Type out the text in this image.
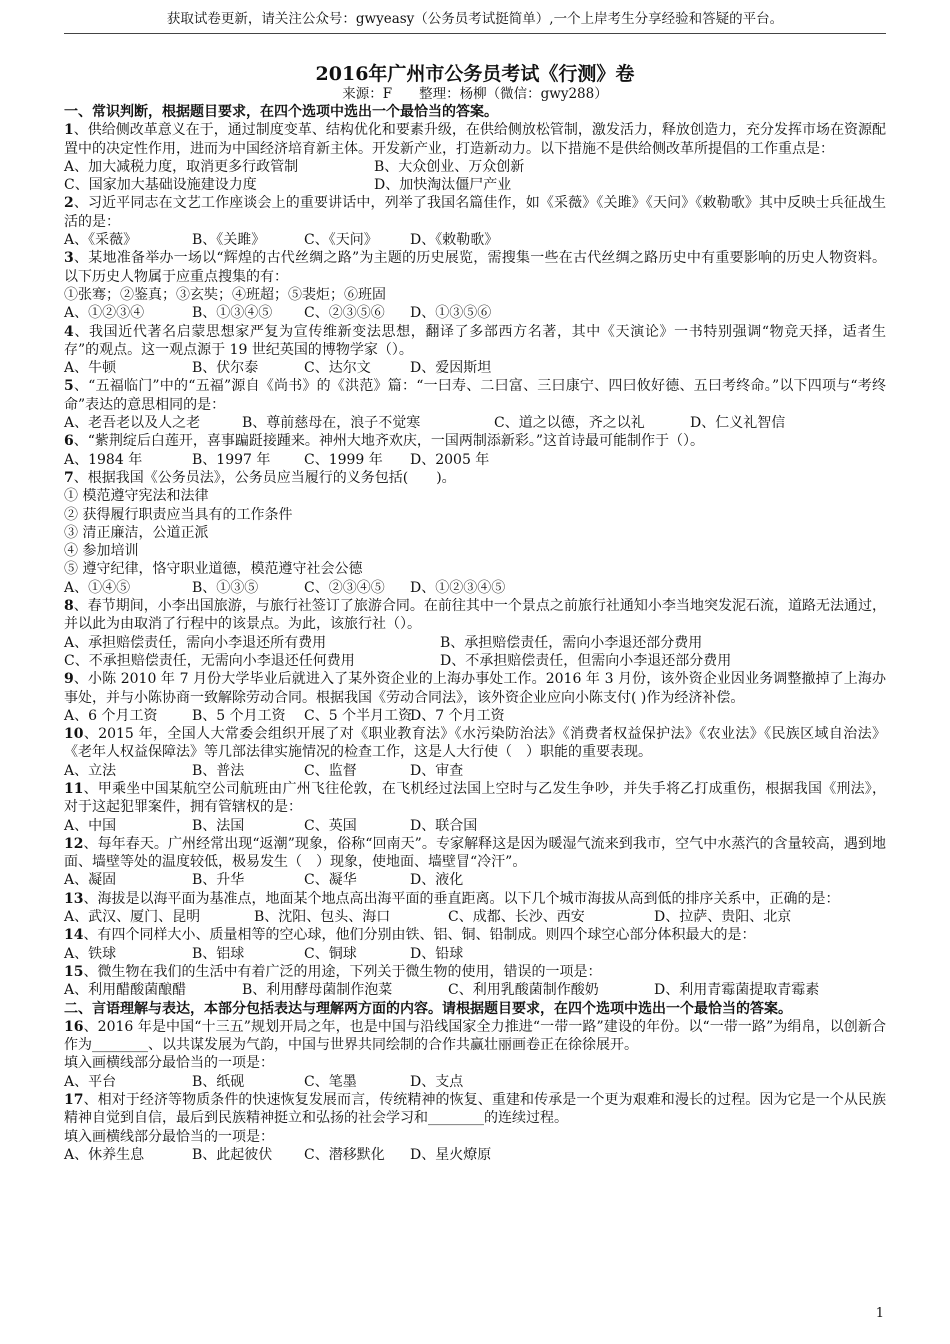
获取试卷更新，请关注公众号：gwyeasy（公务员考试挺简单）,一个上岸考生分享经验和答疑的平台。
2016年广州市公务员考试《行测》卷
来源：F　　整理：杨柳（微信：gwy288）
一、常识判断，根据题目要求，在四个选项中选出一个最恰当的答案。
1、供给侧改革意义在于，通过制度变革、结构优化和要素升级，在供给侧放松管制，激发活力，释放创造力，充分发挥市场在资源配置中的决定性作用，进而为中国经济培育新主体。开发新产业，打造新动力。以下措施不是供给侧改革所提倡的工作重点是：
A、加大减税力度，取消更多行政管制	B、大众创业、万众创新
C、国家加大基础设施建设力度	D、加快淘汰僵尸产业
2、习近平同志在文艺工作座谈会上的重要讲话中，列举了我国名篇佳作，如《采薇》《关雎》《天问》《敕勒歌》其中反映士兵征战生活的是：
A、《采薇》	B、《关雎》	C、《天问》	D、《敕勒歌》
3、某地准备举办一场以“辉煌的古代丝绸之路”为主题的历史展览，需搜集一些在古代丝绸之路历史中有重要影响的历史人物资料。以下历史人物属于应重点搜集的有：
①张骞；②鉴真；③玄奘；④班超；⑤裴炬；⑥班固
A、①②③④	B、①③④⑤	C、②③⑤⑥	D、①③⑤⑥
4、我国近代著名启蒙思想家严复为宣传维新变法思想，翻译了多部西方名著，其中《天演论》一书特别强调“物竞天择，适者生存”的观点。这一观点源于 19 世纪英国的博物学家（）。
A、牛顿	B、伏尔泰	C、达尔文	D、爱因斯坦
5、“五福临门”中的“五福”源自《尚书》的《洪范》篇：“一曰寿、二曰富、三曰康宁、四曰攸好德、五曰考终命。”以下四项与“考终命”表达的意思相同的是：
A、老吾老以及人之老	B、尊前慈母在，浪子不觉寒	C、道之以德，齐之以礼	D、仁义礼智信
6、“紫荆绽后白莲开，喜事蹁跹接踵来。神州大地齐欢庆，一国两制添新彩。”这首诗最可能制作于（）。
A、1984 年	B、1997 年	C、1999 年	D、2005 年
7、根据我国《公务员法》，公务员应当履行的义务包括(　　)。
① 模范遵守宪法和法律
② 获得履行职责应当具有的工作条件
③ 清正廉洁，公道正派
④ 参加培训
⑤ 遵守纪律，恪守职业道德，模范遵守社会公德
A、①④⑤	B、①③⑤	C、②③④⑤	D、①②③④⑤
8、春节期间，小李出国旅游，与旅行社签订了旅游合同。在前往其中一个景点之前旅行社通知小李当地突发泥石流，道路无法通过，并以此为由取消了行程中的该景点。为此，该旅行社（）。
A、承担赔偿责任，需向小李退还所有费用	B、承担赔偿责任，需向小李退还部分费用
C、不承担赔偿责任，无需向小李退还任何费用	D、不承担赔偿责任，但需向小李退还部分费用
9、小陈 2010 年 7 月份大学毕业后就进入了某外资企业的上海办事处工作。2016 年 3 月份，该外资企业因业务调整撤掉了上海办事处，并与小陈协商一致解除劳动合同。根据我国《劳动合同法》，该外资企业应向小陈支付( )作为经济补偿。
A、6 个月工资	B、5 个月工资	C、5 个半月工资
D、7 个月工资
10、2015 年，全国人大常委会组织开展了对《职业教育法》《水污染防治法》《消费者权益保护法》《农业法》《民族区域自治法》《老年人权益保障法》等几部法律实施情况的检查工作，这是人大行使（　）职能的重要表现。
A、立法	B、普法	C、监督	D、审查
11、甲乘坐中国某航空公司航班由广州飞往伦敦，在飞机经过法国上空时与乙发生争吵，并失手将乙打成重伤，根据我国《刑法》，对于这起犯罪案件，拥有管辖权的是：
A、中国	B、法国	C、英国	D、联合国
12、每年春天。广州经常出现“返潮”现象，俗称“回南天”。专家解释这是因为暖湿气流来到我市，空气中水蒸汽的含量较高，遇到地面、墙壁等处的温度较低，极易发生（　）现象，使地面、墙壁冒“冷汗”。
A、凝固	B、升华	C、凝华	D、液化
13、海拔是以海平面为基准点，地面某个地点高出海平面的垂直距离。以下几个城市海拔从高到低的排序关系中，正确的是：
A、武汉、厦门、昆明	B、沈阳、包头、海口	C、成都、长沙、西安	D、拉萨、贵阳、北京
14、有四个同样大小、质量相等的空心球，他们分别由铁、铝、铜、铅制成。则四个球空心部分体积最大的是：
A、铁球	B、铝球	C、铜球	D、铅球
15、微生物在我们的生活中有着广泛的用途，下列关于微生物的使用，错误的一项是：
A、利用醋酸菌酿醋	B、利用酵母菌制作泡菜	C、利用乳酸菌制作酸奶	D、利用青霉菌提取青霉素
二、言语理解与表达，本部分包括表达与理解两方面的内容。请根据题目要求，在四个选项中选出一个最恰当的答案。
16、2016 年是中国“十三五”规划开局之年，也是中国与沿线国家全力推进“一带一路”建设的年份。以“一带一路”为绢帛，以创新合作为________、以共谋发展为气韵，中国与世界共同绘制的合作共赢壮丽画卷正在徐徐展开。
填入画横线部分最恰当的一项是：
A、平台	B、纸砚	C、笔墨	D、支点
17、相对于经济等物质条件的快速恢复发展而言，传统精神的恢复、重建和传承是一个更为艰难和漫长的过程。因为它是一个从民族精神自觉到自信，最后到民族精神挺立和弘扬的社会学习和________的连续过程。
填入画横线部分最恰当的一项是：
A、休养生息	B、此起彼伏	C、潜移默化	D、星火燎原
1
